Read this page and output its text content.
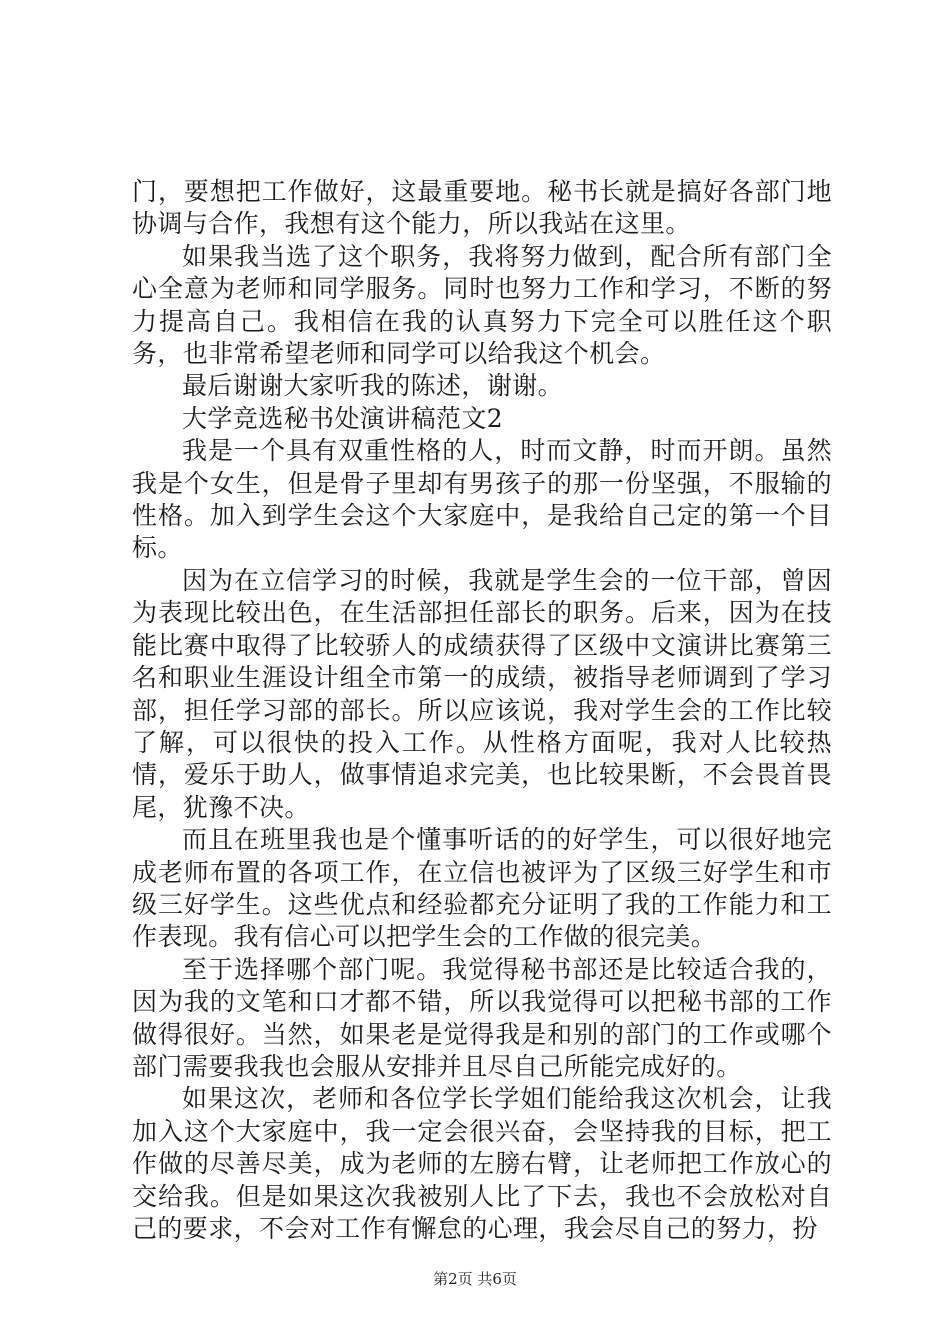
门，要想把工作做好，这最重要地。秘书长就是搞好各部门地协调与合作，我想有这个能力，所以我站在这里。

如果我当选了这个职务，我将努力做到，配合所有部门全心全意为老师和同学服务。同时也努力工作和学习，不断的努力提高自己。我相信在我的认真努力下完全可以胜任这个职务，也非常希望老师和同学可以给我这个机会。

最后谢谢大家听我的陈述，谢谢。

大学竞选秘书处演讲稿范文2

我是一个具有双重性格的人，时而文静，时而开朗。虽然我是个女生，但是骨子里却有男孩子的那一份坚强，不服输的性格。加入到学生会这个大家庭中，是我给自己定的第一个目标。

因为在立信学习的时候，我就是学生会的一位干部，曾因为表现比较出色，在生活部担任部长的职务。后来，因为在技能比赛中取得了比较骄人的成绩获得了区级中文演讲比赛第三名和职业生涯设计组全市第一的成绩，被指导老师调到了学习部，担任学习部的部长。所以应该说，我对学生会的工作比较了解，可以很快的投入工作。从性格方面呢，我对人比较热情，爱乐于助人，做事情追求完美，也比较果断，不会畏首畏尾，犹豫不决。

而且在班里我也是个懂事听话的的好学生，可以很好地完成老师布置的各项工作，在立信也被评为了区级三好学生和市级三好学生。这些优点和经验都充分证明了我的工作能力和工作表现。我有信心可以把学生会的工作做的很完美。

至于选择哪个部门呢。我觉得秘书部还是比较适合我的，因为我的文笔和口才都不错，所以我觉得可以把秘书部的工作做得很好。当然，如果老是觉得我是和别的部门的工作或哪个部门需要我我也会服从安排并且尽自己所能完成好的。

如果这次，老师和各位学长学姐们能给我这次机会，让我加入这个大家庭中，我一定会很兴奋，会坚持我的目标，把工作做的尽善尽美，成为老师的左膀右臂，让老师把工作放心的交给我。但是如果这次我被别人比了下去，我也不会放松对自己的要求，不会对工作有懈怠的心理，我会尽自己的努力，扮

第2页 共6页
